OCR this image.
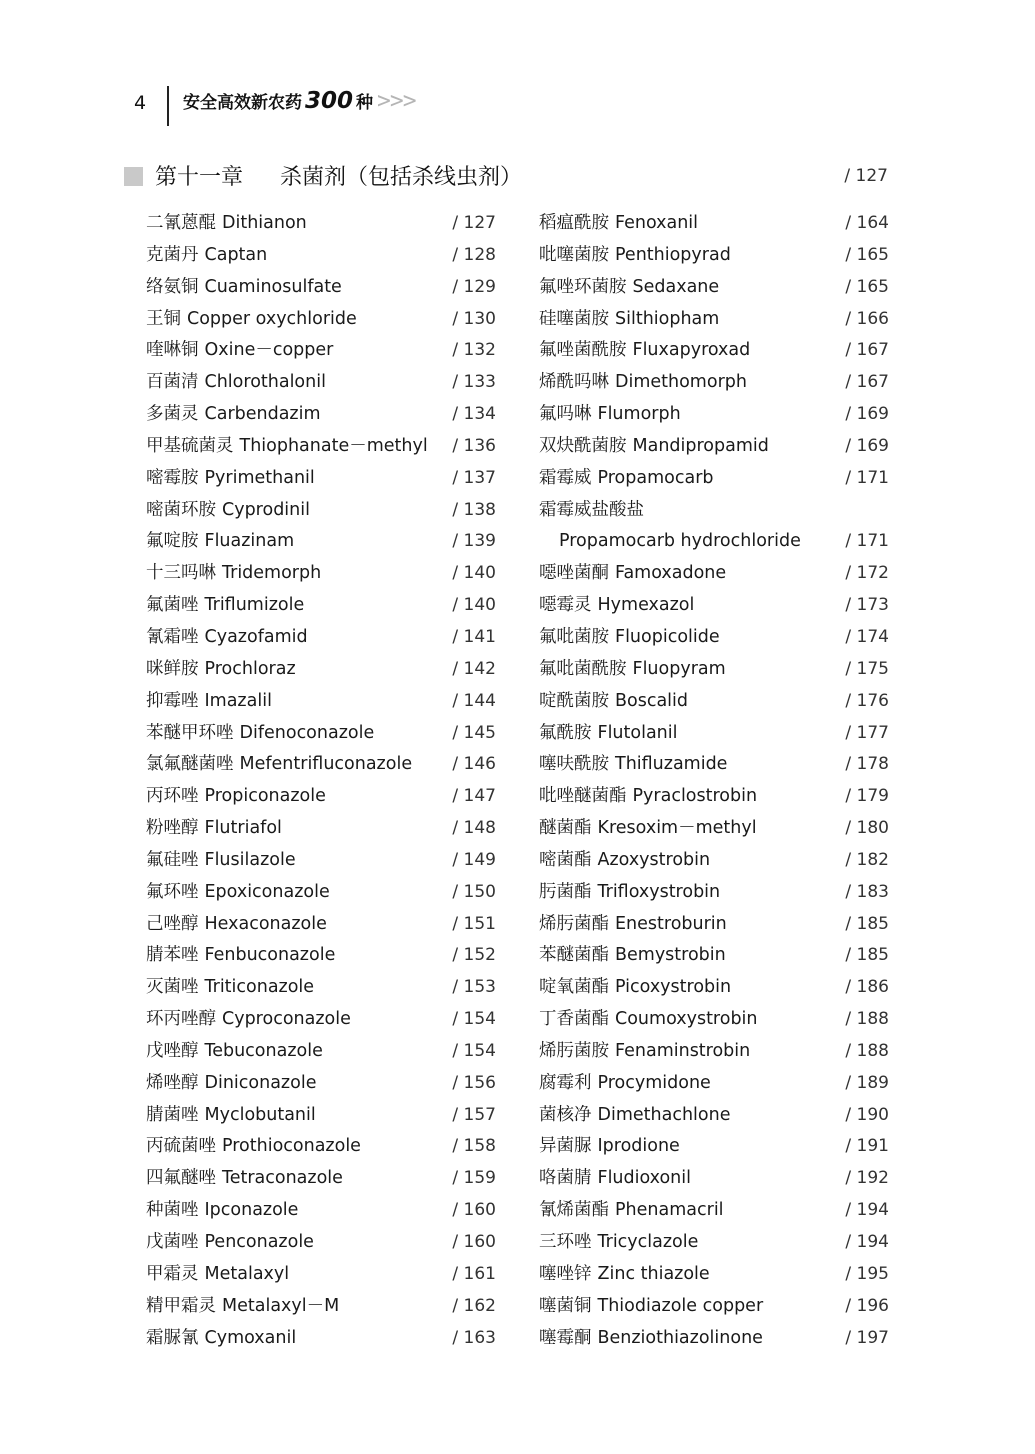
4 安全高效新农药 300 种 >>>
第十一章 杀菌剂（包括杀线虫剂）	/ 127
二氰蒽醌 Dithianon	/ 127
克菌丹 Captan	/ 128
络氨铜 Cuaminosulfate	/ 129
王铜 Copper oxychloride	/ 130
喹啉铜 Oxine－copper	/ 132
百菌清 Chlorothalonil	/ 133
多菌灵 Carbendazim	/ 134
甲基硫菌灵 Thiophanate－methyl / 136
嘧霉胺 Pyrimethanil	/ 137
嘧菌环胺 Cyprodinil	/ 138
氟啶胺 Fluazinam	/ 139
十三吗啉 Tridemorph	/ 140
氟菌唑 Triflumizole	/ 140
氰霜唑 Cyazofamid	/ 141
咪鲜胺 Prochloraz	/ 142
抑霉唑 Imazalil	/ 144
苯醚甲环唑 Difenoconazole	/ 145
氯氟醚菌唑 Mefentrifluconazole / 146
丙环唑 Propiconazole	/ 147
粉唑醇 Flutriafol	/ 148
氟硅唑 Flusilazole	/ 149
氟环唑 Epoxiconazole	/ 150
己唑醇 Hexaconazole	/ 151
腈苯唑 Fenbuconazole	/ 152
灭菌唑 Triticonazole	/ 153
环丙唑醇 Cyproconazole	/ 154
戊唑醇 Tebuconazole	/ 154
烯唑醇 Diniconazole	/ 156
腈菌唑 Myclobutanil	/ 157
丙硫菌唑 Prothioconazole	/ 158
四氟醚唑 Tetraconazole	/ 159
种菌唑 Ipconazole	/ 160
戊菌唑 Penconazole	/ 160
甲霜灵 Metalaxyl	/ 161
精甲霜灵 Metalaxyl－M	/ 162
霜脲氰 Cymoxanil	/ 163
稻瘟酰胺 Fenoxanil	/ 164
吡噻菌胺 Penthiopyrad	/ 165
氟唑环菌胺 Sedaxane	/ 165
硅噻菌胺 Silthiopham	/ 166
氟唑菌酰胺 Fluxapyroxad	/ 167
烯酰吗啉 Dimethomorph	/ 167
氟吗啉 Flumorph	/ 169
双炔酰菌胺 Mandipropamid	/ 169
霜霉威 Propamocarb	/ 171
霜霉威盐酸盐
Propamocarb hydrochloride	/ 171
噁唑菌酮 Famoxadone	/ 172
噁霉灵 Hymexazol	/ 173
氟吡菌胺 Fluopicolide	/ 174
氟吡菌酰胺 Fluopyram	/ 175
啶酰菌胺 Boscalid	/ 176
氟酰胺 Flutolanil	/ 177
噻呋酰胺 Thifluzamide	/ 178
吡唑醚菌酯 Pyraclostrobin	/ 179
醚菌酯 Kresoxim－methyl	/ 180
嘧菌酯 Azoxystrobin	/ 182
肟菌酯 Trifloxystrobin	/ 183
烯肟菌酯 Enestroburin	/ 185
苯醚菌酯 Bemystrobin	/ 185
啶氧菌酯 Picoxystrobin	/ 186
丁香菌酯 Coumoxystrobin	/ 188
烯肟菌胺 Fenaminstrobin	/ 188
腐霉利 Procymidone	/ 189
菌核净 Dimethachlone	/ 190
异菌脲 Iprodione	/ 191
咯菌腈 Fludioxonil	/ 192
氰烯菌酯 Phenamacril	/ 194
三环唑 Tricyclazole	/ 194
噻唑锌 Zinc thiazole	/ 195
噻菌铜 Thiodiazole copper	/ 196
噻霉酮 Benziothiazolinone	/ 197
